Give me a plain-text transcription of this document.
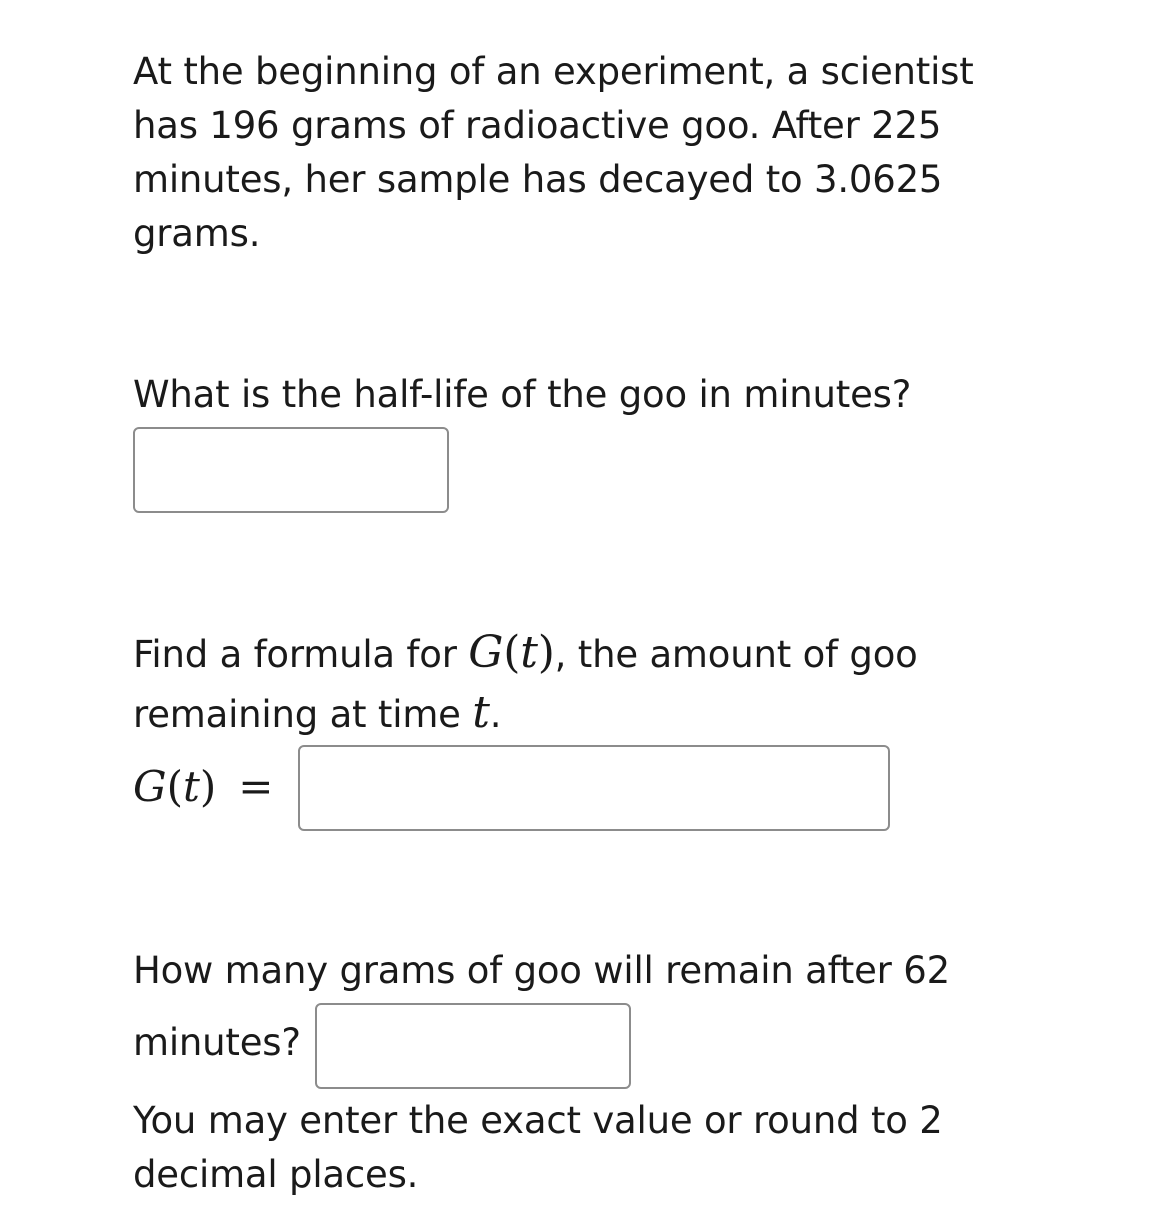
At the beginning of an experiment, a scientist
has 196 grams of radioactive goo. After 225
minutes, her sample has decayed to 3.0625
grams.
What is the half-life of the goo in minutes?
Find a formula for G(t), the amount of goo
remaining at time t.
G(t) =
How many grams of goo will remain after 62
minutes?
You may enter the exact value or round to 2
decimal places.
